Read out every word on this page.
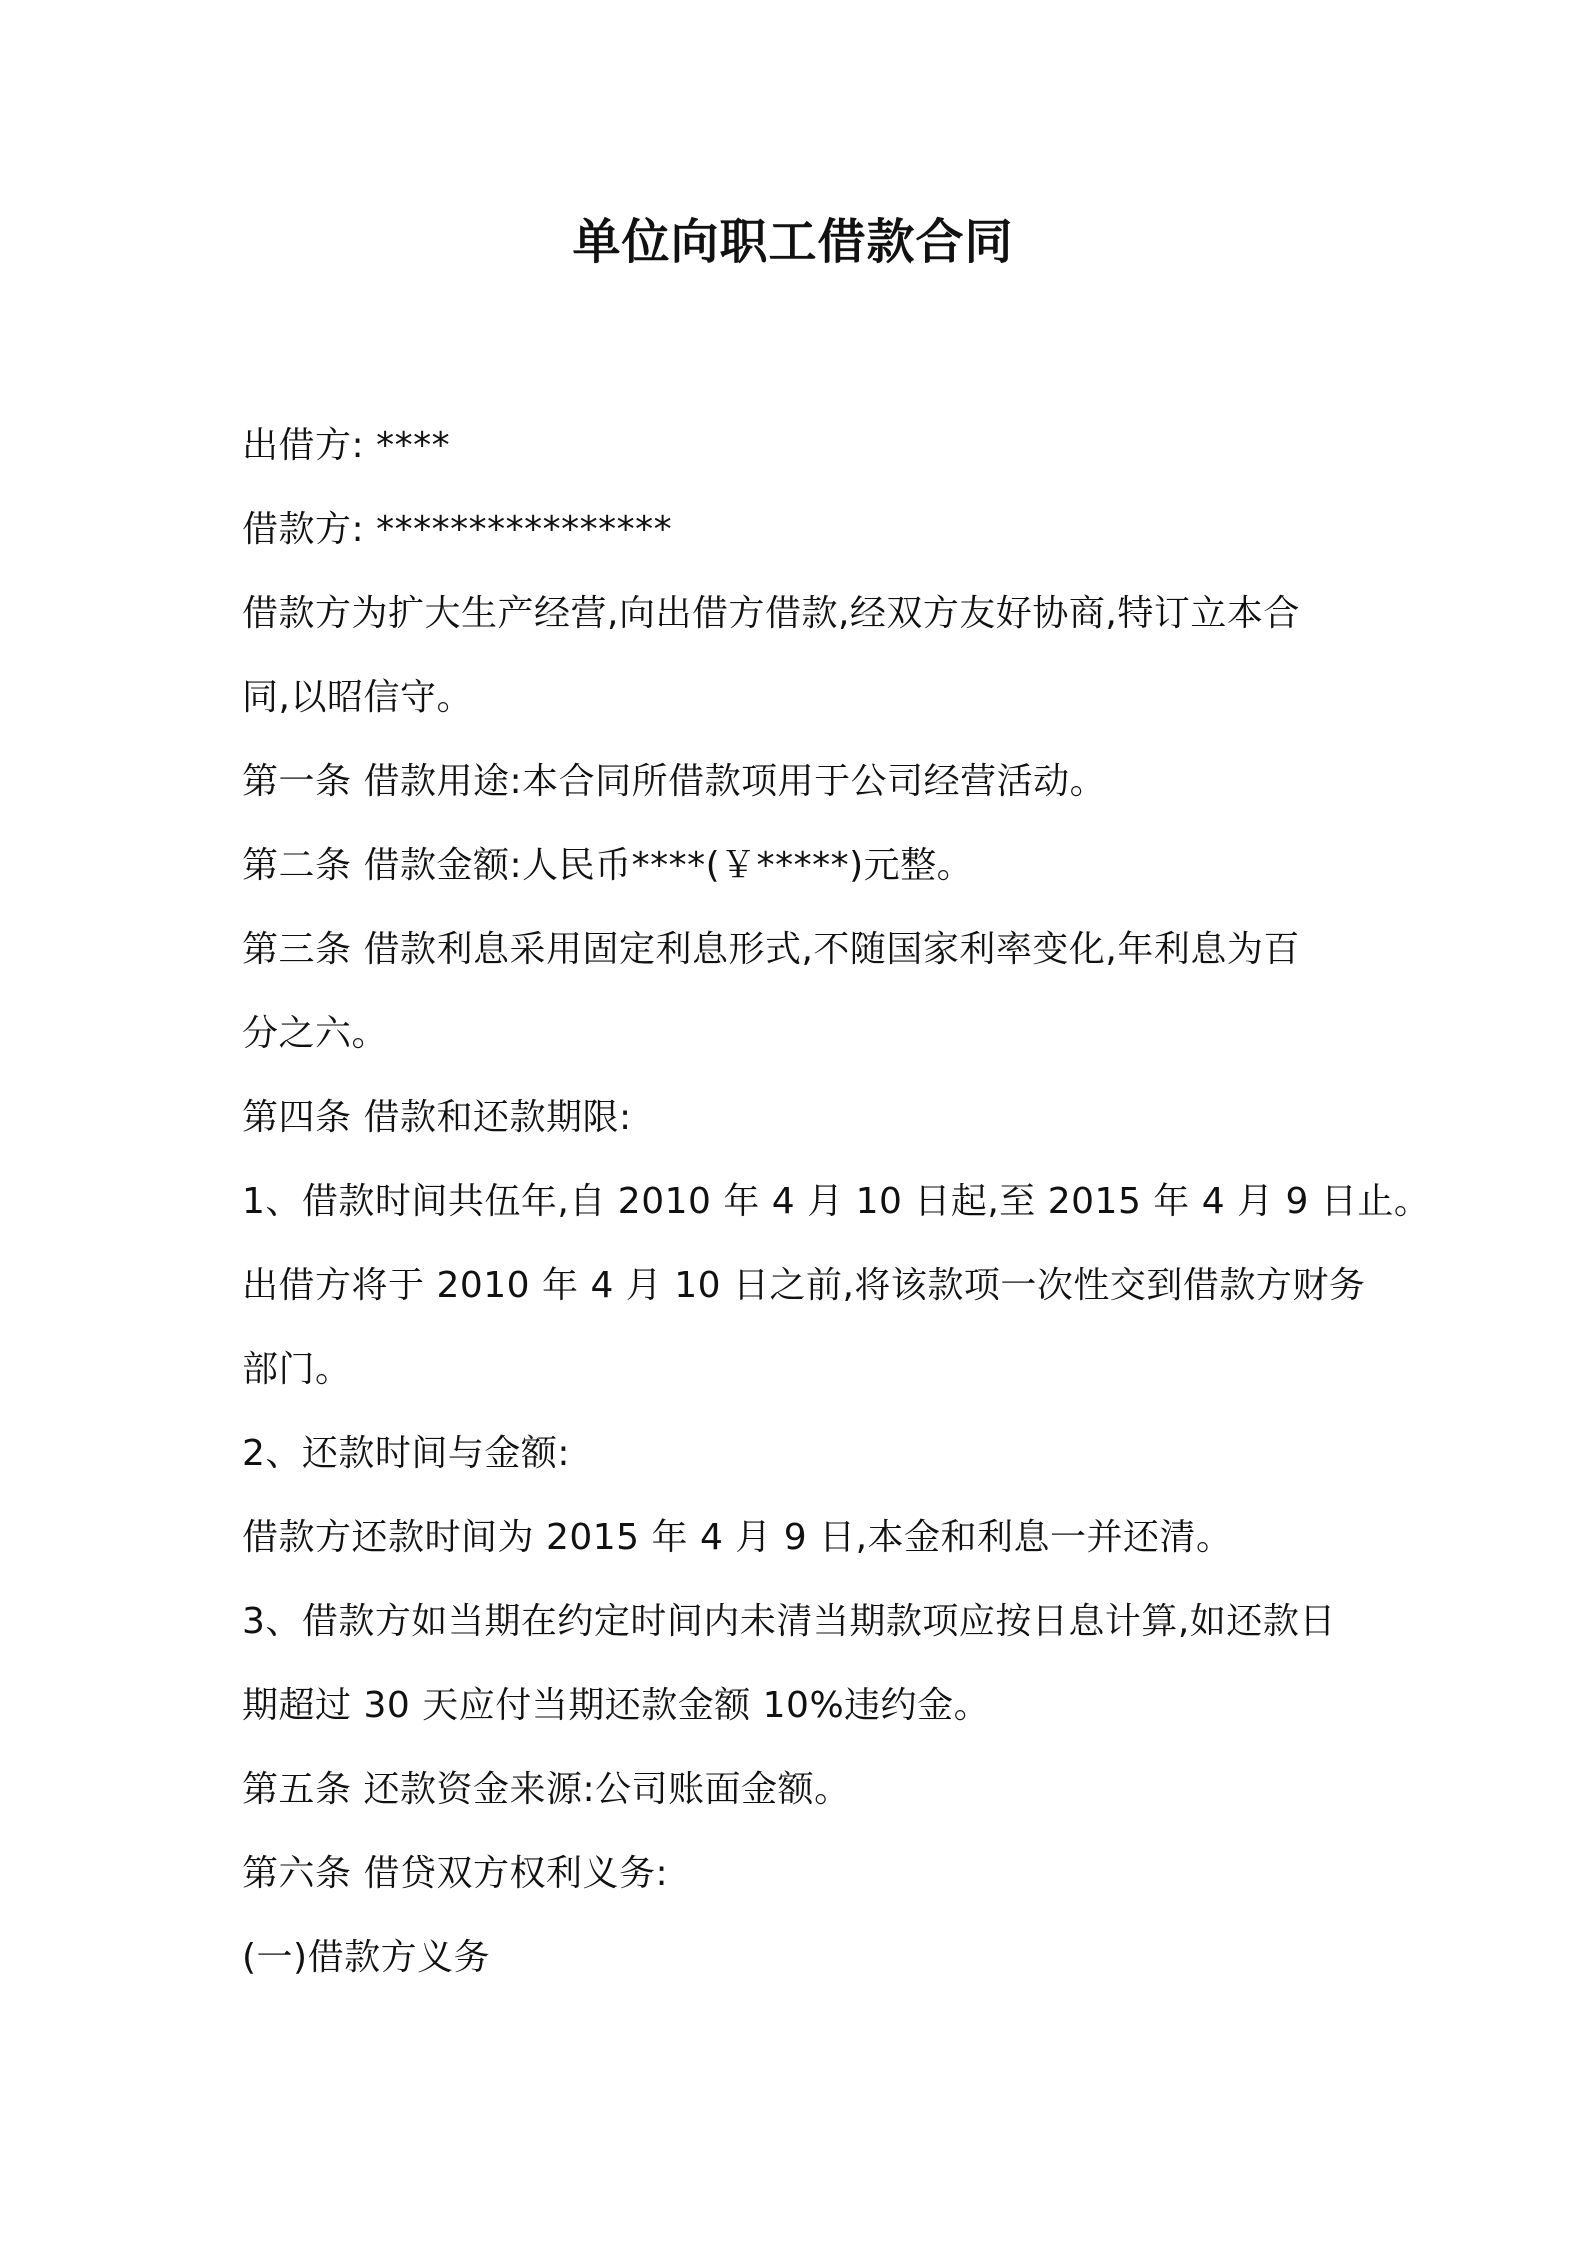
单位向职工借款合同
出借方: ****
借款方: ****************
借款方为扩大生产经营,向出借方借款,经双方友好协商,特订立本合
同,以昭信守。
第一条 借款用途:本合同所借款项用于公司经营活动。
第二条 借款金额:人民币****(￥*****)元整。
第三条 借款利息采用固定利息形式,不随国家利率变化,年利息为百
分之六。
第四条 借款和还款期限:
1、借款时间共伍年,自 2010 年 4 月 10 日起,至 2015 年 4 月 9 日止。
出借方将于 2010 年 4 月 10 日之前,将该款项一次性交到借款方财务
部门。
2、还款时间与金额:
借款方还款时间为 2015 年 4 月 9 日,本金和利息一并还清。
3、借款方如当期在约定时间内未清当期款项应按日息计算,如还款日
期超过 30 天应付当期还款金额 10%违约金。
第五条 还款资金来源:公司账面金额。
第六条 借贷双方权利义务:
(一)借款方义务
